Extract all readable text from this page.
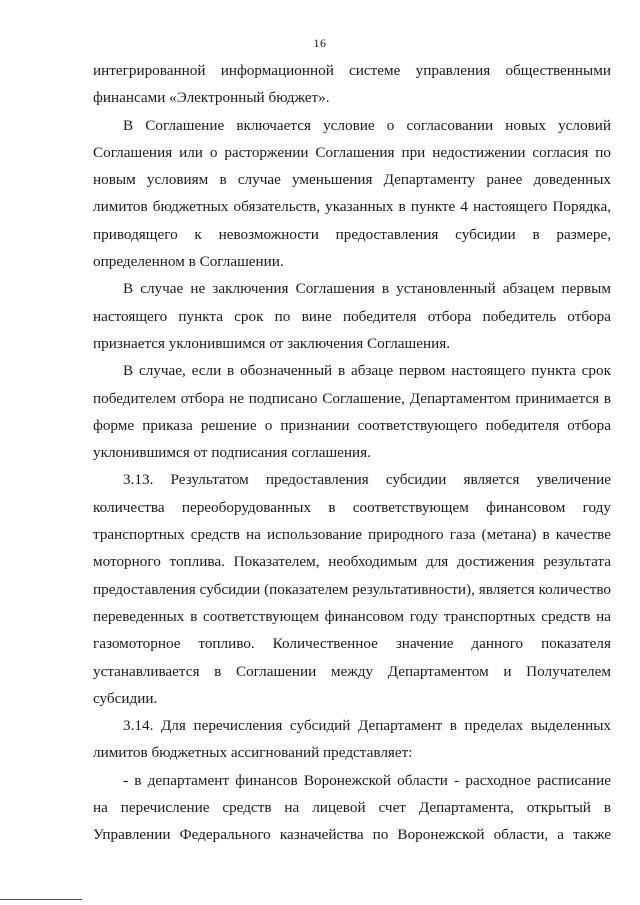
16
интегрированной информационной системе управления общественными
финансами «Электронный бюджет».
В Соглашение включается условие о согласовании новых условий
Соглашения или о расторжении Соглашения при недостижении согласия по
новым условиям в случае уменьшения Департаменту ранее доведенных
лимитов бюджетных обязательств, указанных в пункте 4 настоящего Порядка,
приводящего к невозможности предоставления субсидии в размере,
определенном в Соглашении.
В случае не заключения Соглашения в установленный абзацем первым
настоящего пункта срок по вине победителя отбора победитель отбора
признается уклонившимся от заключения Соглашения.
В случае, если в обозначенный в абзаце первом настоящего пункта срок
победителем отбора не подписано Соглашение, Департаментом принимается в
форме приказа решение о признании соответствующего победителя отбора
уклонившимся от подписания соглашения.
3.13. Результатом предоставления субсидии является увеличение
количества переоборудованных в соответствующем финансовом году
транспортных средств на использование природного газа (метана) в качестве
моторного топлива. Показателем, необходимым для достижения результата
предоставления субсидии (показателем результативности), является количество
переведенных в соответствующем финансовом году транспортных средств на
газомоторное топливо. Количественное значение данного показателя
устанавливается в Соглашении между Департаментом и Получателем
субсидии.
3.14. Для перечисления субсидий Департамент в пределах выделенных
лимитов бюджетных ассигнований представляет:
- в департамент финансов Воронежской области - расходное расписание
на перечисление средств на лицевой счет Департамента, открытый в
Управлении Федерального казначейства по Воронежской области, а также
